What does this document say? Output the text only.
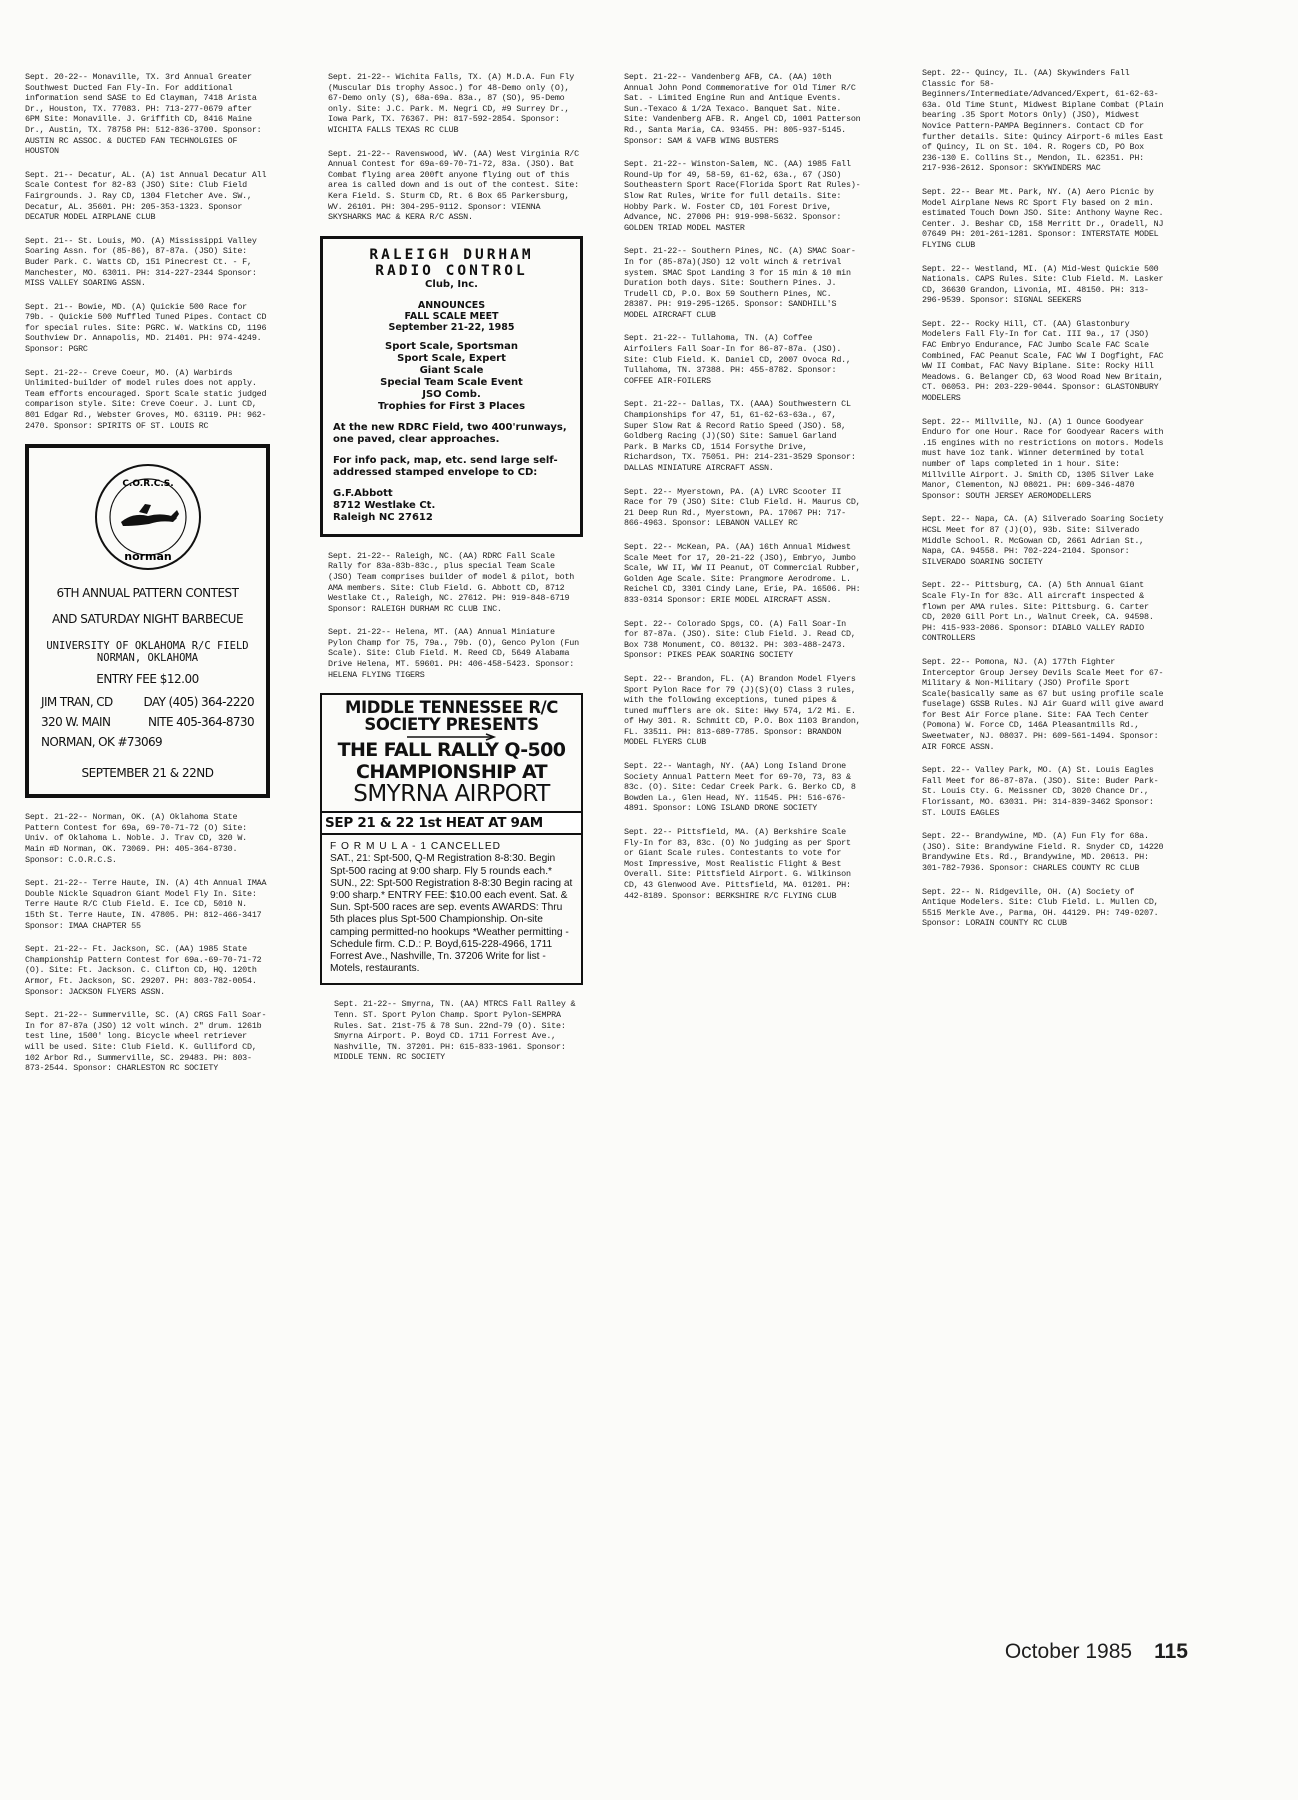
Sept. 20-22-- Monaville, TX. 3rd Annual Greater Southwest Ducted Fan Fly-In. For additional information send SASE to Ed Clayman, 7418 Arista Dr., Houston, TX. 77083. PH: 713-277-0679 after 6PM Site: Monaville. J. Griffith CD, 8416 Maine Dr., Austin, TX. 78758 PH: 512-836-3700. Sponsor: AUSTIN RC ASSOC. & DUCTED FAN TECHNOLGIES OF HOUSTON

Sept. 21-- Decatur, AL. (A) 1st Annual Decatur All Scale Contest for 82-83 (JSO) Site: Club Field Fairgrounds. J. Ray CD, 1304 Fletcher Ave. SW., Decatur, AL. 35601. PH: 205-353-1323. Sponsor DECATUR MODEL AIRPLANE CLUB

Sept. 21-- St. Louis, MO. (A) Mississippi Valley Soaring Assn. for (85-86), 87-87a. (JSO) Site: Buder Park. C. Watts CD, 151 Pinecrest Ct. - F, Manchester, MO. 63011. PH: 314-227-2344 Sponsor: MISS VALLEY SOARING ASSN.

Sept. 21-- Bowie, MD. (A) Quickie 500 Race for 79b. - Quickie 500 Muffled Tuned Pipes. Contact CD for special rules. Site: PGRC. W. Watkins CD, 1196 Southview Dr. Annapolis, MD. 21401. PH: 974-4249. Sponsor: PGRC

Sept. 21-22-- Creve Coeur, MO. (A) Warbirds Unlimited-builder of model rules does not apply. Team efforts encouraged. Sport Scale static judged comparison style. Site: Creve Coeur. J. Lunt CD, 801 Edgar Rd., Webster Groves, MO. 63119. PH: 962-2470. Sponsor: SPIRITS OF ST. LOUIS RC

C.O.R.C.S.
norman
6TH ANNUAL PATTERN CONTEST
AND SATURDAY NIGHT BARBECUE
UNIVERSITY OF OKLAHOMA R/C FIELD
NORMAN, OKLAHOMA
ENTRY FEE $12.00
JIM TRAN, CD	DAY (405) 364-2220
320 W. MAIN	NITE 405-364-8730
NORMAN, OK #73069
SEPTEMBER 21 & 22ND

Sept. 21-22-- Norman, OK. (A) Oklahoma State Pattern Contest for 69a, 69-70-71-72 (O) Site: Univ. of Oklahoma L. Noble. J. Trav CD, 320 W. Main #D Norman, OK. 73069. PH: 405-364-8730. Sponsor: C.O.R.C.S.

Sept. 21-22-- Terre Haute, IN. (A) 4th Annual IMAA Double Nickle Squadron Giant Model Fly In. Site: Terre Haute R/C Club Field. E. Ice CD, 5010 N. 15th St. Terre Haute, IN. 47805. PH: 812-466-3417 Sponsor: IMAA CHAPTER 55

Sept. 21-22-- Ft. Jackson, SC. (AA) 1985 State Championship Pattern Contest for 69a.-69-70-71-72 (O). Site: Ft. Jackson. C. Clifton CD, HQ. 120th Armor, Ft. Jackson, SC. 29207. PH: 803-782-0054. Sponsor: JACKSON FLYERS ASSN.

Sept. 21-22-- Summerville, SC. (A) CRGS Fall Soar-In for 87-87a (JSO) 12 volt winch. 2" drum. 1261b test line, 1500' long. Bicycle wheel retriever will be used. Site: Club Field. K. Gulliford CD, 102 Arbor Rd., Summerville, SC. 29483. PH: 803-873-2544. Sponsor: CHARLESTON RC SOCIETY

Sept. 21-22-- Wichita Falls, TX. (A) M.D.A. Fun Fly (Muscular Dis trophy Assoc.) for 48-Demo only (O), 67-Demo only (S), 68a-69a. 83a., 87 (SO), 95-Demo only. Site: J.C. Park. M. Negri CD, #9 Surrey Dr., Iowa Park, TX. 76367. PH: 817-592-2854. Sponsor: WICHITA FALLS TEXAS RC CLUB

Sept. 21-22-- Ravenswood, WV. (AA) West Virginia R/C Annual Contest for 69a-69-70-71-72, 83a. (JSO). Bat Combat flying area 200ft anyone flying out of this area is called down and is out of the contest. Site: Kera Field. S. Sturm CD, Rt. 6 Box 65 Parkersburg, WV. 26101. PH: 304-295-9112. Sponsor: VIENNA SKYSHARKS MAC & KERA R/C ASSN.

RALEIGH DURHAM
RADIO CONTROL
Club, Inc.
ANNOUNCES
FALL SCALE MEET
September 21-22, 1985
Sport Scale, Sportsman
Sport Scale, Expert
Giant Scale
Special Team Scale Event
JSO Comb.
Trophies for First 3 Places
At the new RDRC Field, two 400'runways, one paved, clear approaches.
For info pack, map, etc. send large self-addressed stamped envelope to CD:
G.F.Abbott
8712 Westlake Ct.
Raleigh NC 27612

Sept. 21-22-- Raleigh, NC. (AA) RDRC Fall Scale Rally for 83a-83b-83c., plus special Team Scale (JSO) Team comprises builder of model & pilot, both AMA members. Site: Club Field. G. Abbott CD, 8712 Westlake Ct., Raleigh, NC. 27612. PH: 919-848-6719 Sponsor: RALEIGH DURHAM RC CLUB INC.

Sept. 21-22-- Helena, MT. (AA) Annual Miniature Pylon Champ for 75, 79a., 79b. (O), Genco Pylon (Fun Scale). Site: Club Field. M. Reed CD, 5649 Alabama Drive Helena, MT. 59601. PH: 406-458-5423. Sponsor: HELENA FLYING TIGERS

MIDDLE TENNESSEE R/C
SOCIETY PRESENTS
THE FALL RALLY Q-500
CHAMPIONSHIP AT
SMYRNA AIRPORT
SEP 21 & 22 1st HEAT AT 9AM
F O R M U L A - 1 CANCELLED
SAT., 21: Spt-500, Q-M Registration 8-8:30. Begin Spt-500 racing at 9:00 sharp. Fly 5 rounds each.* SUN., 22: Spt-500 Registration 8-8:30 Begin racing at 9:00 sharp.* ENTRY FEE: $10.00 each event. Sat. & Sun. Spt-500 races are sep. events AWARDS: Thru 5th places plus Spt-500 Championship. On-site camping permitted-no hookups *Weather permitting - Schedule firm. C.D.: P. Boyd,615-228-4966, 1711 Forrest Ave., Nashville, Tn. 37206 Write for list -Motels, restaurants.

Sept. 21-22-- Smyrna, TN. (AA) MTRCS Fall Ralley & Tenn. ST. Sport Pylon Champ. Sport Pylon-SEMPRA Rules. Sat. 21st-75 & 78 Sun. 22nd-79 (O). Site: Smyrna Airport. P. Boyd CD. 1711 Forrest Ave., Nashville, TN. 37201. PH: 615-833-1961. Sponsor: MIDDLE TENN. RC SOCIETY

Sept. 21-22-- Vandenberg AFB, CA. (AA) 10th Annual John Pond Commemorative for Old Timer R/C Sat. - Limited Engine Run and Antique Events. Sun.-Texaco & 1/2A Texaco. Banquet Sat. Nite. Site: Vandenberg AFB. R. Angel CD, 1001 Patterson Rd., Santa Maria, CA. 93455. PH: 805-937-5145. Sponsor: SAM & VAFB WING BUSTERS

Sept. 21-22-- Winston-Salem, NC. (AA) 1985 Fall Round-Up for 49, 58-59, 61-62, 63a., 67 (JSO) Southeastern Sport Race(Florida Sport Rat Rules)-Slow Rat Rules, Write for full details. Site: Hobby Park. W. Foster CD, 101 Forest Drive, Advance, NC. 27006 PH: 919-998-5632. Sponsor: GOLDEN TRIAD MODEL MASTER

Sept. 21-22-- Southern Pines, NC. (A) SMAC Soar-In for (85-87a)(JSO) 12 volt winch & retrival system. SMAC Spot Landing 3 for 15 min & 10 min Duration both days. Site: Southern Pines. J. Trudell CD, P.O. Box 59 Southern Pines, NC. 28387. PH: 919-295-1265. Sponsor: SANDHILL'S MODEL AIRCRAFT CLUB

Sept. 21-22-- Tullahoma, TN. (A) Coffee Airfoilers Fall Soar-In for 86-87-87a. (JSO). Site: Club Field. K. Daniel CD, 2007 Ovoca Rd., Tullahoma, TN. 37388. PH: 455-8782. Sponsor: COFFEE AIR-FOILERS

Sept. 21-22-- Dallas, TX. (AAA) Southwestern CL Championships for 47, 51, 61-62-63-63a., 67, Super Slow Rat & Record Ratio Speed (JSO). 58, Goldberg Racing (J)(SO) Site: Samuel Garland Park. B Marks CD, 1514 Forsythe Drive, Richardson, TX. 75051. PH: 214-231-3529 Sponsor: DALLAS MINIATURE AIRCRAFT ASSN.

Sept. 22-- Myerstown, PA. (A) LVRC Scooter II Race for 79 (JSO) Site: Club Field. H. Maurus CD, 21 Deep Run Rd., Myerstown, PA. 17067 PH: 717-866-4963. Sponsor: LEBANON VALLEY RC

Sept. 22-- McKean, PA. (AA) 16th Annual Midwest Scale Meet for 17, 20-21-22 (JSO), Embryo, Jumbo Scale, WW II, WW II Peanut, OT Commercial Rubber, Golden Age Scale. Site: Prangmore Aerodrome. L. Reichel CD, 3301 Cindy Lane, Erie, PA. 16506. PH: 833-0314 Sponsor: ERIE MODEL AIRCRAFT ASSN.

Sept. 22-- Colorado Spgs, CO. (A) Fall Soar-In for 87-87a. (JSO). Site: Club Field. J. Read CD, Box 738 Monument, CO. 80132. PH: 303-488-2473. Sponsor: PIKES PEAK SOARING SOCIETY

Sept. 22-- Brandon, FL. (A) Brandon Model Flyers Sport Pylon Race for 79 (J)(S)(O) Class 3 rules, with the following exceptions, tuned pipes & tuned mufflers are ok. Site: Hwy 574, 1/2 Mi. E. of Hwy 301. R. Schmitt CD, P.O. Box 1103 Brandon, FL. 33511. PH: 813-689-7785. Sponsor: BRANDON MODEL FLYERS CLUB

Sept. 22-- Wantagh, NY. (AA) Long Island Drone Society Annual Pattern Meet for 69-70, 73, 83 & 83c. (O). Site: Cedar Creek Park. G. Berko CD, 8 Bowden La., Glen Head, NY. 11545. PH: 516-676-4891. Sponsor: LONG ISLAND DRONE SOCIETY

Sept. 22-- Pittsfield, MA. (A) Berkshire Scale Fly-In for 83, 83c. (O) No judging as per Sport or Giant Scale rules. Contestants to vote for Most Impressive, Most Realistic Flight & Best Overall. Site: Pittsfield Airport. G. Wilkinson CD, 43 Glenwood Ave. Pittsfield, MA. 01201. PH: 442-8189. Sponsor: BERKSHIRE R/C FLYING CLUB

Sept. 22-- Quincy, IL. (AA) Skywinders Fall Classic for 58-Beginners/Intermediate/Advanced/Expert, 61-62-63-63a. Old Time Stunt, Midwest Biplane Combat (Plain bearing .35 Sport Motors Only) (JSO), Midwest Novice Pattern-PAMPA Beginners. Contact CD for further details. Site: Quincy Airport-6 miles East of Quincy, IL on St. 104. R. Rogers CD, PO Box 236-130 E. Collins St., Mendon, IL. 62351. PH: 217-936-2612. Sponsor: SKYWINDERS MAC

Sept. 22-- Bear Mt. Park, NY. (A) Aero Picnic by Model Airplane News RC Sport Fly based on 2 min. estimated Touch Down JSO. Site: Anthony Wayne Rec. Center. J. Beshar CD, 158 Merritt Dr., Oradell, NJ 07649 PH: 201-261-1281. Sponsor: INTERSTATE MODEL FLYING CLUB

Sept. 22-- Westland, MI. (A) Mid-West Quickie 500 Nationals. CAPS Rules. Site: Club Field. M. Lasker CD, 36630 Grandon, Livonia, MI. 48150. PH: 313-296-9539. Sponsor: SIGNAL SEEKERS

Sept. 22-- Rocky Hill, CT. (AA) Glastonbury Modelers Fall Fly-In for Cat. III 9a., 17 (JSO) FAC Embryo Endurance, FAC Jumbo Scale FAC Scale Combined, FAC Peanut Scale, FAC WW I Dogfight, FAC WW II Combat, FAC Navy Biplane. Site: Rocky Hill Meadows. G. Belanger CD, 63 Wood Road New Britain, CT. 06053. PH: 203-229-9044. Sponsor: GLASTONBURY MODELERS

Sept. 22-- Millville, NJ. (A) 1 Ounce Goodyear Enduro for one Hour. Race for Goodyear Racers with .15 engines with no restrictions on motors. Models must have 1oz tank. Winner determined by total number of laps completed in 1 hour. Site: Millville Airport. J. Smith CD, 1305 Silver Lake Manor, Clementon, NJ 08021. PH: 609-346-4870 Sponsor: SOUTH JERSEY AEROMODELLERS

Sept. 22-- Napa, CA. (A) Silverado Soaring Society HCSL Meet for 87 (J)(O), 93b. Site: Silverado Middle School. R. McGowan CD, 2661 Adrian St., Napa, CA. 94558. PH: 702-224-2104. Sponsor: SILVERADO SOARING SOCIETY

Sept. 22-- Pittsburg, CA. (A) 5th Annual Giant Scale Fly-In for 83c. All aircraft inspected & flown per AMA rules. Site: Pittsburg. G. Carter CD, 2020 Gill Port Ln., Walnut Creek, CA. 94598. PH: 415-933-2086. Sponsor: DIABLO VALLEY RADIO CONTROLLERS

Sept. 22-- Pomona, NJ. (A) 177th Fighter Interceptor Group Jersey Devils Scale Meet for 67-Military & Non-Military (JSO) Profile Sport Scale(basically same as 67 but using profile scale fuselage) GSSB Rules. NJ Air Guard will give award for Best Air Force plane. Site: FAA Tech Center (Pomona) W. Force CD, 146A Pleasantmills Rd., Sweetwater, NJ. 08037. PH: 609-561-1494. Sponsor: AIR FORCE ASSN.

Sept. 22-- Valley Park, MO. (A) St. Louis Eagles Fall Meet for 86-87-87a. (JSO). Site: Buder Park-St. Louis Cty. G. Meissner CD, 3020 Chance Dr., Florissant, MO. 63031. PH: 314-839-3462 Sponsor: ST. LOUIS EAGLES

Sept. 22-- Brandywine, MD. (A) Fun Fly for 68a. (JSO). Site: Brandywine Field. R. Snyder CD, 14220 Brandywine Ets. Rd., Brandywine, MD. 20613. PH: 301-782-7936. Sponsor: CHARLES COUNTY RC CLUB

Sept. 22-- N. Ridgeville, OH. (A) Society of Antique Modelers. Site: Club Field. L. Mullen CD, 5515 Merkle Ave., Parma, OH. 44129. PH: 749-0207. Sponsor: LORAIN COUNTY RC CLUB

October 1985 115
